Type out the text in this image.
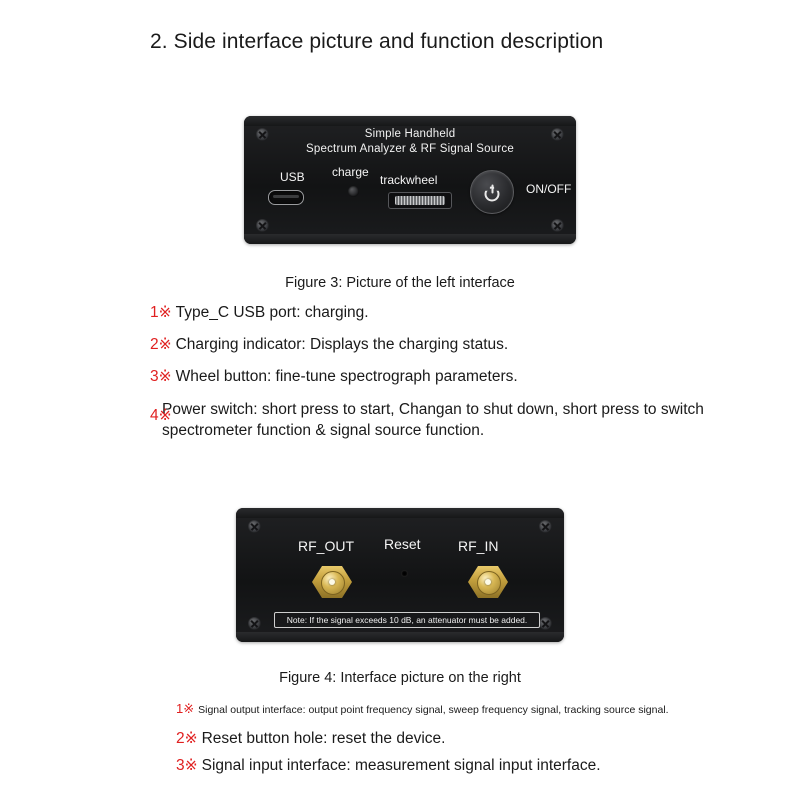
2. Side interface picture and function description
Simple Handheld
Spectrum Analyzer & RF Signal Source
USB charge
trackwheel
ON/OFF
Figure 3: Picture of the left interface
1※ Type_C USB port: charging.
2※ Charging indicator: Displays the charging status.
3※ Wheel button: fine-tune spectrograph parameters.
4※
Power switch: short press to start, Changan to shut down, short press to switch spectrometer function & signal source function.
RF_OUT Reset	RF_IN
Note: If the signal exceeds 10 dB, an attenuator must be added.
Figure 4: Interface picture on the right
1※ Signal output interface: output point frequency signal, sweep frequency signal, tracking source signal.
2※ Reset button hole: reset the device.
3※ Signal input interface: measurement signal input interface.
